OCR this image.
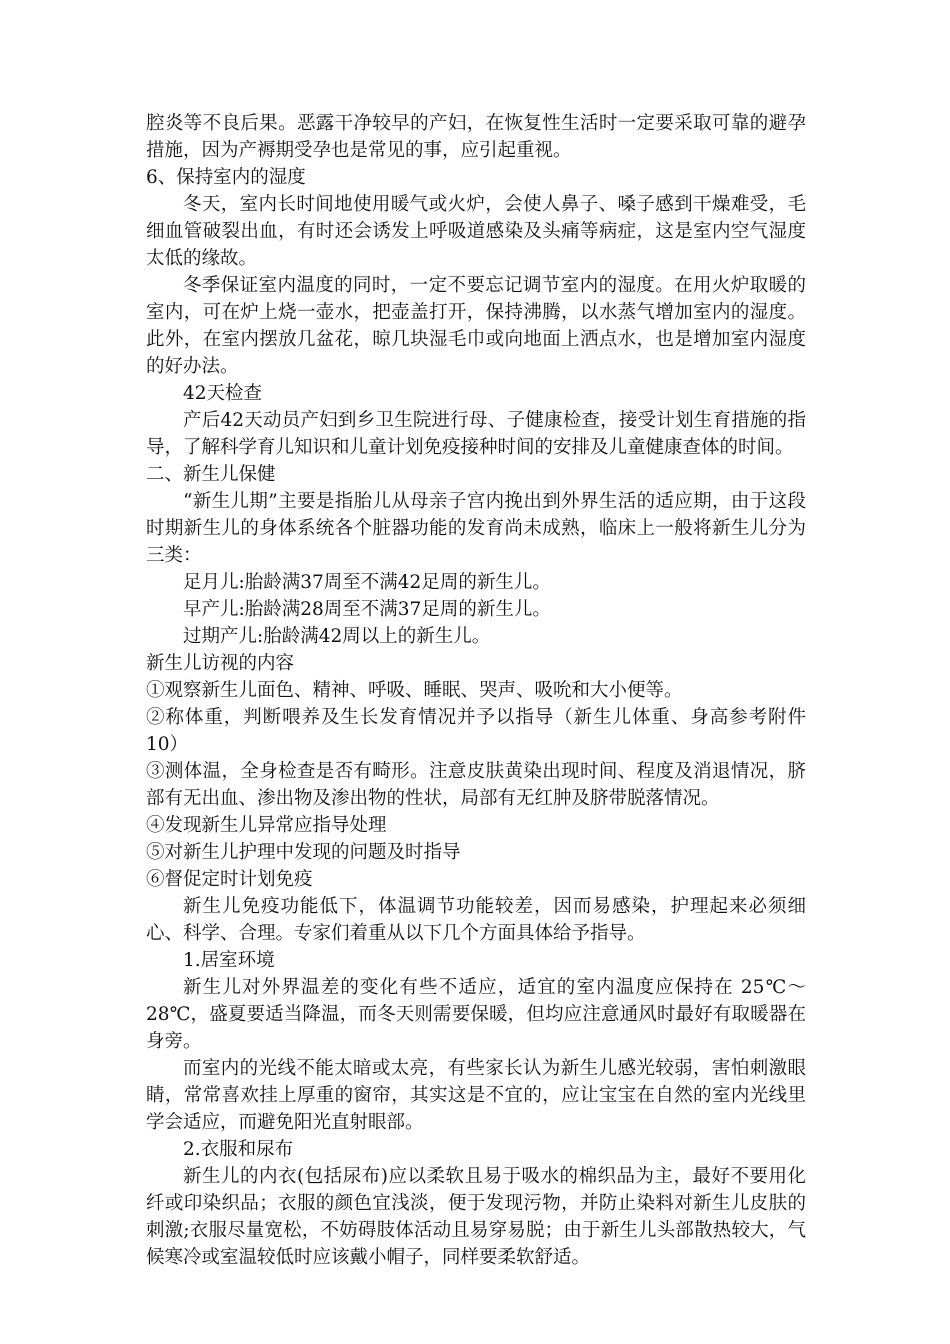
腔炎等不良后果。恶露干净较早的产妇，在恢复性生活时一定要采取可靠的避孕措施，因为产褥期受孕也是常见的事，应引起重视。

6、保持室内的湿度

冬天，室内长时间地使用暖气或火炉，会使人鼻子、嗓子感到干燥难受，毛细血管破裂出血，有时还会诱发上呼吸道感染及头痛等病症，这是室内空气湿度太低的缘故。

冬季保证室内温度的同时，一定不要忘记调节室内的湿度。在用火炉取暖的室内，可在炉上烧一壶水，把壶盖打开，保持沸腾，以水蒸气增加室内的湿度。此外，在室内摆放几盆花，晾几块湿毛巾或向地面上洒点水，也是增加室内湿度的好办法。

42天检查

产后42天动员产妇到乡卫生院进行母、子健康检查，接受计划生育措施的指导，了解科学育儿知识和儿童计划免疫接种时间的安排及儿童健康查体的时间。

二、新生儿保健

“新生儿期”主要是指胎儿从母亲子宫内挽出到外界生活的适应期，由于这段时期新生儿的身体系统各个脏器功能的发育尚未成熟，临床上一般将新生儿分为三类：

足月儿:胎龄满37周至不满42足周的新生儿。

早产儿:胎龄满28周至不满37足周的新生儿。

过期产儿:胎龄满42周以上的新生儿。

新生儿访视的内容

①观察新生儿面色、精神、呼吸、睡眠、哭声、吸吮和大小便等。

②称体重，判断喂养及生长发育情况并予以指导（新生儿体重、身高参考附件10）

③测体温，全身检查是否有畸形。注意皮肤黄染出现时间、程度及消退情况，脐部有无出血、渗出物及渗出物的性状，局部有无红肿及脐带脱落情况。

④发现新生儿异常应指导处理

⑤对新生儿护理中发现的问题及时指导

⑥督促定时计划免疫

新生儿免疫功能低下，体温调节功能较差，因而易感染，护理起来必须细心、科学、合理。专家们着重从以下几个方面具体给予指导。

1.居室环境

新生儿对外界温差的变化有些不适应，适宜的室内温度应保持在 25℃～28℃，盛夏要适当降温，而冬天则需要保暖，但均应注意通风时最好有取暖器在身旁。

而室内的光线不能太暗或太亮，有些家长认为新生儿感光较弱，害怕刺激眼睛，常常喜欢挂上厚重的窗帘，其实这是不宜的，应让宝宝在自然的室内光线里学会适应，而避免阳光直射眼部。

2.衣服和尿布

新生儿的内衣(包括尿布)应以柔软且易于吸水的棉织品为主，最好不要用化纤或印染织品；衣服的颜色宜浅淡，便于发现污物，并防止染料对新生儿皮肤的刺激;衣服尽量宽松，不妨碍肢体活动且易穿易脱；由于新生儿头部散热较大，气候寒冷或室温较低时应该戴小帽子，同样要柔软舒适。
